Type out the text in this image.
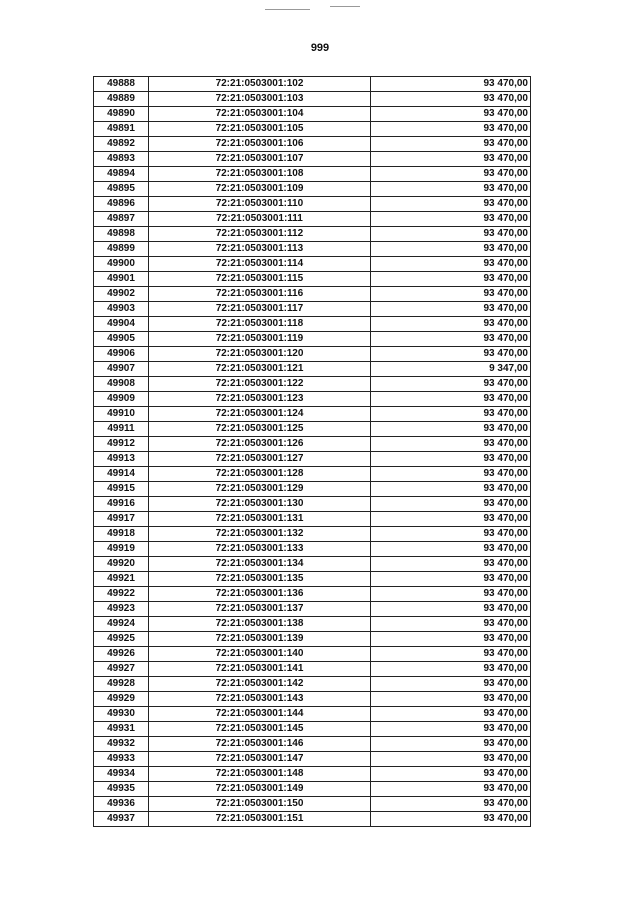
999
49888	72:21:0503001:102	93 470,00
49889	72:21:0503001:103	93 470,00
49890	72:21:0503001:104	93 470,00
49891	72:21:0503001:105	93 470,00
49892	72:21:0503001:106	93 470,00
49893	72:21:0503001:107	93 470,00
49894	72:21:0503001:108	93 470,00
49895	72:21:0503001:109	93 470,00
49896	72:21:0503001:110	93 470,00
49897	72:21:0503001:111	93 470,00
49898	72:21:0503001:112	93 470,00
49899	72:21:0503001:113	93 470,00
49900	72:21:0503001:114	93 470,00
49901	72:21:0503001:115	93 470,00
49902	72:21:0503001:116	93 470,00
49903	72:21:0503001:117	93 470,00
49904	72:21:0503001:118	93 470,00
49905	72:21:0503001:119	93 470,00
49906	72:21:0503001:120	93 470,00
49907	72:21:0503001:121	9 347,00
49908	72:21:0503001:122	93 470,00
49909	72:21:0503001:123	93 470,00
49910	72:21:0503001:124	93 470,00
49911	72:21:0503001:125	93 470,00
49912	72:21:0503001:126	93 470,00
49913	72:21:0503001:127	93 470,00
49914	72:21:0503001:128	93 470,00
49915	72:21:0503001:129	93 470,00
49916	72:21:0503001:130	93 470,00
49917	72:21:0503001:131	93 470,00
49918	72:21:0503001:132	93 470,00
49919	72:21:0503001:133	93 470,00
49920	72:21:0503001:134	93 470,00
49921	72:21:0503001:135	93 470,00
49922	72:21:0503001:136	93 470,00
49923	72:21:0503001:137	93 470,00
49924	72:21:0503001:138	93 470,00
49925	72:21:0503001:139	93 470,00
49926	72:21:0503001:140	93 470,00
49927	72:21:0503001:141	93 470,00
49928	72:21:0503001:142	93 470,00
49929	72:21:0503001:143	93 470,00
49930	72:21:0503001:144	93 470,00
49931	72:21:0503001:145	93 470,00
49932	72:21:0503001:146	93 470,00
49933	72:21:0503001:147	93 470,00
49934	72:21:0503001:148	93 470,00
49935	72:21:0503001:149	93 470,00
49936	72:21:0503001:150	93 470,00
49937	72:21:0503001:151	93 470,00
